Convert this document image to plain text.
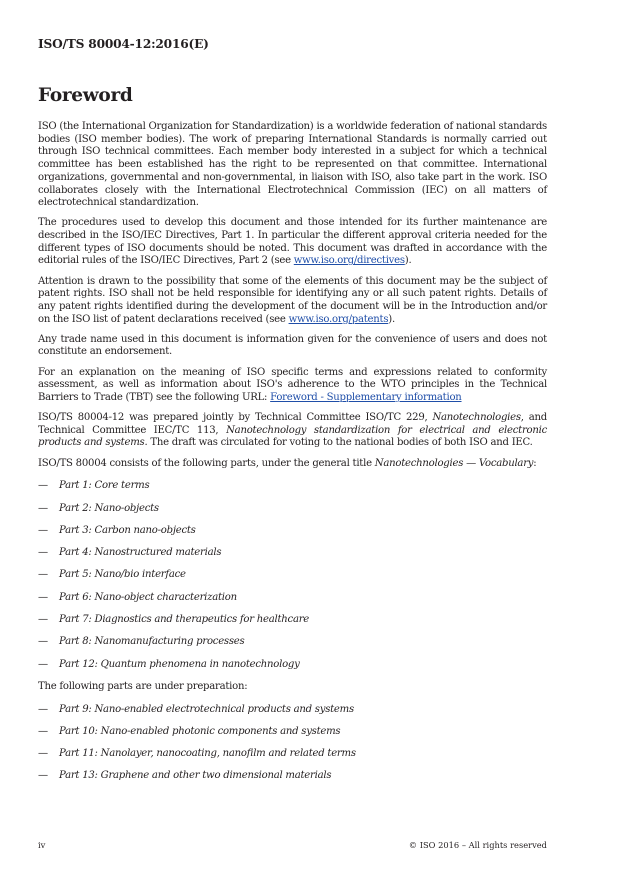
ISO/TS 80004-12:2016(E)
Foreword

ISO (the International Organization for Standardization) is a worldwide federation of national standards bodies (ISO member bodies). The work of preparing International Standards is normally carried out through ISO technical committees. Each member body interested in a subject for which a technical committee has been established has the right to be represented on that committee. International organizations, governmental and non-governmental, in liaison with ISO, also take part in the work. ISO collaborates closely with the International Electrotechnical Commission (IEC) on all matters of electrotechnical standardization.

The procedures used to develop this document and those intended for its further maintenance are described in the ISO/IEC Directives, Part 1. In particular the different approval criteria needed for the different types of ISO documents should be noted. This document was drafted in accordance with the editorial rules of the ISO/IEC Directives, Part 2 (see www.iso.org/directives).

Attention is drawn to the possibility that some of the elements of this document may be the subject of patent rights. ISO shall not be held responsible for identifying any or all such patent rights. Details of any patent rights identified during the development of the document will be in the Introduction and/or on the ISO list of patent declarations received (see www.iso.org/patents).

Any trade name used in this document is information given for the convenience of users and does not constitute an endorsement.

For an explanation on the meaning of ISO specific terms and expressions related to conformity assessment, as well as information about ISO's adherence to the WTO principles in the Technical Barriers to Trade (TBT) see the following URL: Foreword - Supplementary information

ISO/TS 80004-12 was prepared jointly by Technical Committee ISO/TC 229, Nanotechnologies, and Technical Committee IEC/TC 113, Nanotechnology standardization for electrical and electronic products and systems. The draft was circulated for voting to the national bodies of both ISO and IEC.

ISO/TS 80004 consists of the following parts, under the general title Nanotechnologies — Vocabulary:

—	Part 1: Core terms
—	Part 2: Nano-objects
—	Part 3: Carbon nano-objects
—	Part 4: Nanostructured materials
—	Part 5: Nano/bio interface
—	Part 6: Nano-object characterization
—	Part 7: Diagnostics and therapeutics for healthcare
—	Part 8: Nanomanufacturing processes
—	Part 12: Quantum phenomena in nanotechnology

The following parts are under preparation:

—	Part 9: Nano-enabled electrotechnical products and systems
—	Part 10: Nano-enabled photonic components and systems
—	Part 11: Nanolayer, nanocoating, nanofilm and related terms
—	Part 13: Graphene and other two dimensional materials
iv	© ISO 2016 – All rights reserved
